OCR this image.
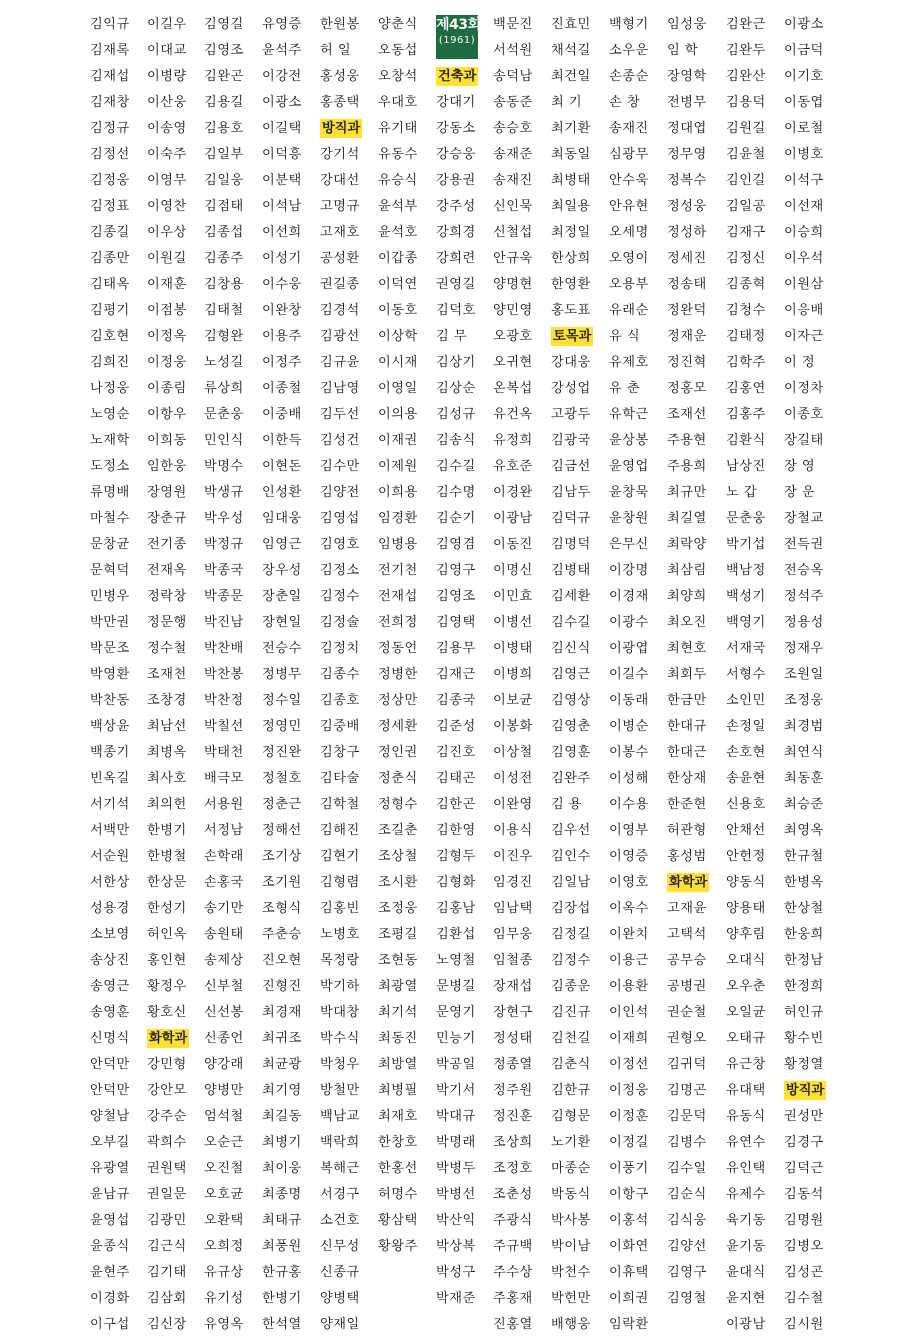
김익규
김재록
김재섭
김재창
김정규
김정선
김정웅
김정표
김종길
김종만
김태옥
김평기
김호현
김희진
나정웅
노영순
노재학
도정소
류명배
마철수
문창균
문혁덕
민병우
박만권
박문조
박영환
박찬동
백상윤
백종기
빈옥길
서기석
서백만
서순원
서한상
성용경
소보영
송상진
송영근
송영훈
신명식
안덕만
안덕만
양철남
오부길
유광열
윤남규
윤영섭
윤종식
윤현주
이경화
이구섭
이길우
이대교
이병량
이산웅
이송영
이숙주
이영무
이영찬
이우상
이원길
이재훈
이점봉
이정옥
이정웅
이종림
이항우
이희동
임한웅
장영원
장춘규
전기종
전재옥
정락창
정문행
정수철
조재천
조창경
최남선
최병옥
최사호
최의헌
한병기
한병철
한상문
한성기
허인옥
홍인현
황정우
황호신
화학과
강민형
강안모
강주순
곽희수
권원택
권일문
김광민
김근식
김기태
김삼회
김신장
김영길
김영조
김완곤
김용길
김용호
김일부
김일웅
김점태
김종섭
김종주
김창용
김태철
김형완
노성길
류상희
문춘웅
민인식
박명수
박생규
박우성
박정규
박종국
박종문
박진남
박찬배
박찬봉
박찬정
박칠선
박태천
배극모
서용원
서정남
손학래
손홍국
송기만
송원태
송제상
신부철
신선봉
신종언
양강래
양병만
엄석철
오순근
오진철
오호균
오환택
오희정
유규상
유기성
유영옥
유영증
윤석주
이강전
이광소
이길택
이덕흥
이분택
이석남
이선희
이성기
이수웅
이완창
이용주
이정주
이종철
이중배
이한득
이현돈
인성환
임대웅
임영근
장우성
장춘일
장현일
전승수
정병무
정수일
정영민
정진완
정철호
정춘근
정해선
조기상
조기원
조형식
주춘승
진오현
진형진
최경재
최귀조
최균광
최기영
최길동
최병기
최이웅
최종명
최태규
최풍원
한규홍
한병기
한석열
한원봉
허 일
홍성웅
홍종택
방직과
강기석
강대선
고명규
고재호
공성환
권길종
김경석
김광선
김규윤
김남영
김두선
김성건
김수만
김양전
김영섭
김영호
김정소
김정수
김정술
김정치
김종수
김종호
김중배
김창구
김타술
김학철
김해진
김현기
김형렴
김홍빈
노병호
목정랑
박기하
박대창
박수식
박청우
방철만
백남교
백락희
복해근
서경구
소건호
신무성
신종규
양병택
양재일
양춘식
오동섭
오창석
우대호
유기태
유동수
유승식
윤석부
윤석호
이갑종
이덕연
이동호
이상학
이시재
이영일
이의용
이재권
이제원
이희용
임경환
임병용
전기천
전재섭
전희정
정동언
정병한
정상만
정세환
정인권
정춘식
정형수
조길춘
조상철
조시환
조정웅
조평길
조현동
최광열
최기석
최동진
최방열
최병필
최재호
한창호
한홍선
허명수
황삼택
황왕주
제43회
(1961)
건축과
강대기
강동소
강승웅
강용권
강주성
강희경
강희련
권영길
김덕호
김 무
김상기
김상순
김성규
김송식
김수길
김수명
김순기
김영겸
김영구
김영조
김영택
김용무
김재근
김종국
김준성
김진호
김태곤
김한곤
김한영
김형두
김형화
김홍남
김환섭
노영철
문병길
문영기
민능기
박공일
박기서
박대규
박명래
박병두
박병선
박산익
박상복
박성구
박재준
백문진
서석원
송덕남
송동준
송승호
송재준
송재진
신인묵
신철섭
안규욱
양명현
양민영
오광호
오귀현
온복섭
유건옥
유정희
유호준
이경완
이광남
이동진
이명신
이민효
이병선
이병태
이병희
이보균
이봉화
이상철
이성전
이완영
이용식
이진우
임경진
임남택
임무웅
임철종
장재섭
장현구
정성태
정종열
정주원
정진훈
조상희
조정호
조춘성
주광식
주규백
주수상
주홍재
진홍열
진효민
채석길
최건일
최 기
최기환
최동일
최병태
최일용
최정일
한상희
한영환
홍도표
토목과
강대웅
강성업
고광두
김광국
김금선
김남두
김덕규
김명덕
김병태
김세환
김수길
김신식
김영근
김영상
김영춘
김영훈
김완주
김 용
김우선
김인수
김일남
김장섭
김정길
김정수
김종운
김진규
김천길
김춘식
김한규
김형문
노기환
마종순
박동식
박사봉
박이남
박천수
박헌만
배행웅
백형기
소우운
손종순
손 창
송재진
심광무
안수욱
안유현
오세명
오영이
오용부
유래순
유 식
유제호
유 춘
유학근
윤상봉
윤영업
윤창묵
윤창원
은무신
이강명
이경재
이광수
이광엽
이길수
이동래
이병순
이봉수
이성해
이수용
이영부
이영증
이영호
이옥수
이완치
이용근
이용환
이인석
이재희
이정선
이정웅
이정훈
이정길
이풍기
이항구
이홍석
이화연
이휴택
이희권
임락환
임성웅
임 학
장영학
전병무
정대엽
정무영
정복수
정성웅
정성하
정세진
정송태
정완덕
정재운
정진혁
정홍모
조재선
주용현
주용희
최규만
최길열
최락양
최삼림
최양희
최오진
최현호
최회두
한금만
한대규
한대근
한상재
한준현
허관형
홍성범
화학과
고재윤
고택석
공무승
공병권
권순철
권형오
김귀덕
김명곤
김문덕
김병수
김수일
김순식
김식웅
김양선
김영구
김영철
김완근
김완두
김완산
김용덕
김원길
김윤철
김인길
김일공
김재구
김정신
김종혁
김청수
김태정
김학주
김홍연
김홍주
김환식
남상진
노 갑
문춘웅
박기섭
백남정
백성기
백영기
서재국
서형수
소인민
손정일
손호현
송윤현
신용호
안채선
안헌정
양동식
양용태
양후림
오대식
오우춘
오일균
오태규
유근창
유대택
유동식
유연수
유인택
유제수
육기동
윤기동
윤대식
윤지현
이광남
이광소
이금덕
이기호
이동엽
이로철
이병호
이석구
이선재
이승희
이우석
이원삼
이응배
이자근
이 정
이정차
이종호
장길태
장 영
장 운
장철교
전득권
전승옥
정석주
정용성
정재우
조원일
조정웅
최경범
최연식
최동훈
최승준
최영옥
한규철
한병옥
한상철
한웅희
한정남
한정희
허인규
황수빈
황정열
방직과
권성만
김경구
김덕근
김동석
김명원
김병오
김성곤
김수철
김시원
